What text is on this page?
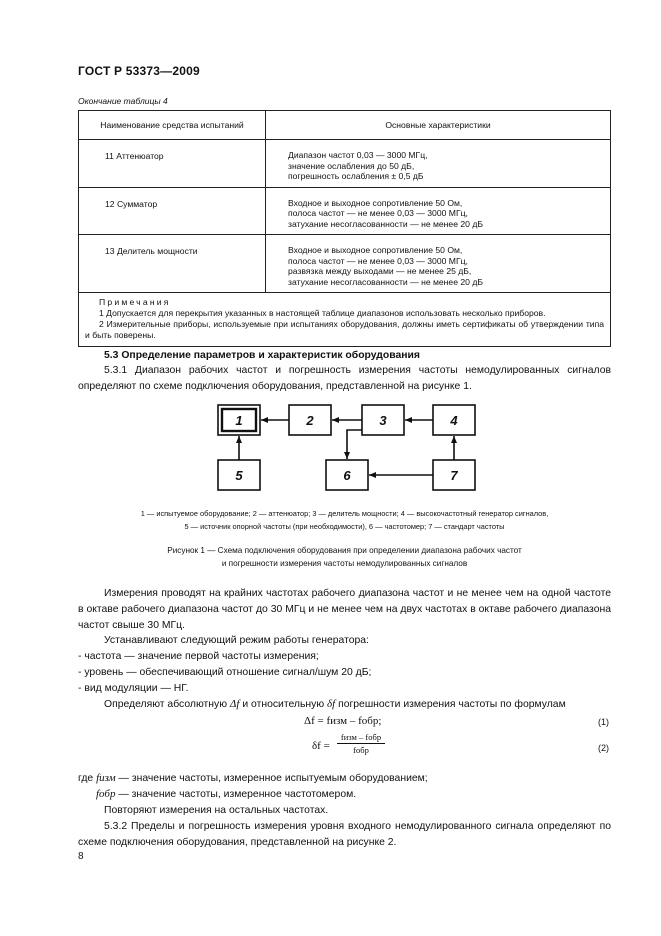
ГОСТ Р 53373—2009
Окончание таблицы 4
Наименование средства испытаний	Основные характеристики
11 Аттенюатор	Диапазон частот 0,03 — 3000 МГц,
значение ослабления до 50 дБ,
погрешность ослабления ± 0,5 дБ

12 Сумматор	Входное и выходное сопротивление 50 Ом,
полоса частот — не менее 0,03 — 3000 МГц,
затухание несогласованности — не менее 20 дБ

13 Делитель мощности	Входное и выходное сопротивление 50 Ом,
полоса частот — не менее 0,03 — 3000 МГц,
развязка между выходами — не менее 25 дБ,
затухание несогласованности — не менее 20 дБ

Примечания
1 Допускается для перекрытия указанных в настоящей таблице диапазонов использовать несколько приборов.
2 Измерительные приборы, используемые при испытаниях оборудования, должны иметь сертификаты об утверждении типа и быть поверены.	
5.3 Определение параметров и характеристик оборудования
5.3.1 Диапазон рабочих частот и погрешность измерения частоты немодулированных сигналов определяют по схеме подключения оборудования, представленной на рисунке 1.
1	2	3	4
5	6	7
1 — испытуемое оборудование; 2 — аттенюатор; 3 — делитель мощности; 4 — высокочастотный генератор сигналов,
5 — источник опорной частоты (при необходимости), 6 — частотомер; 7 — стандарт частоты
Рисунок 1 — Схема подключения оборудования при определении диапазона рабочих частот
и погрешности измерения частоты немодулированных сигналов
Измерения проводят на крайних частотах рабочего диапазона частот и не менее чем на одной частоте в октаве рабочего диапазона частот до 30 МГц и не менее чем на двух частотах в октаве рабочего диапазона частот свыше 30 МГц.
Устанавливают следующий режим работы генератора:
- частота — значение первой частоты измерения;
- уровень — обеспечивающий отношение сигнал/шум 20 дБ;
- вид модуляции — НГ.
Определяют абсолютную Δf и относительную δf погрешности измерения частоты по формулам
Δf = fизм – fобр;	(1)
δf =
fизм – fобр
fобр	(2)
где fизм — значение частоты, измеренное испытуемым оборудованием;
fобр — значение частоты, измеренное частотомером.
Повторяют измерения на остальных частотах.
5.3.2 Пределы и погрешность измерения уровня входного немодулированного сигнала определяют по схеме подключения оборудования, представленной на рисунке 2.
8
